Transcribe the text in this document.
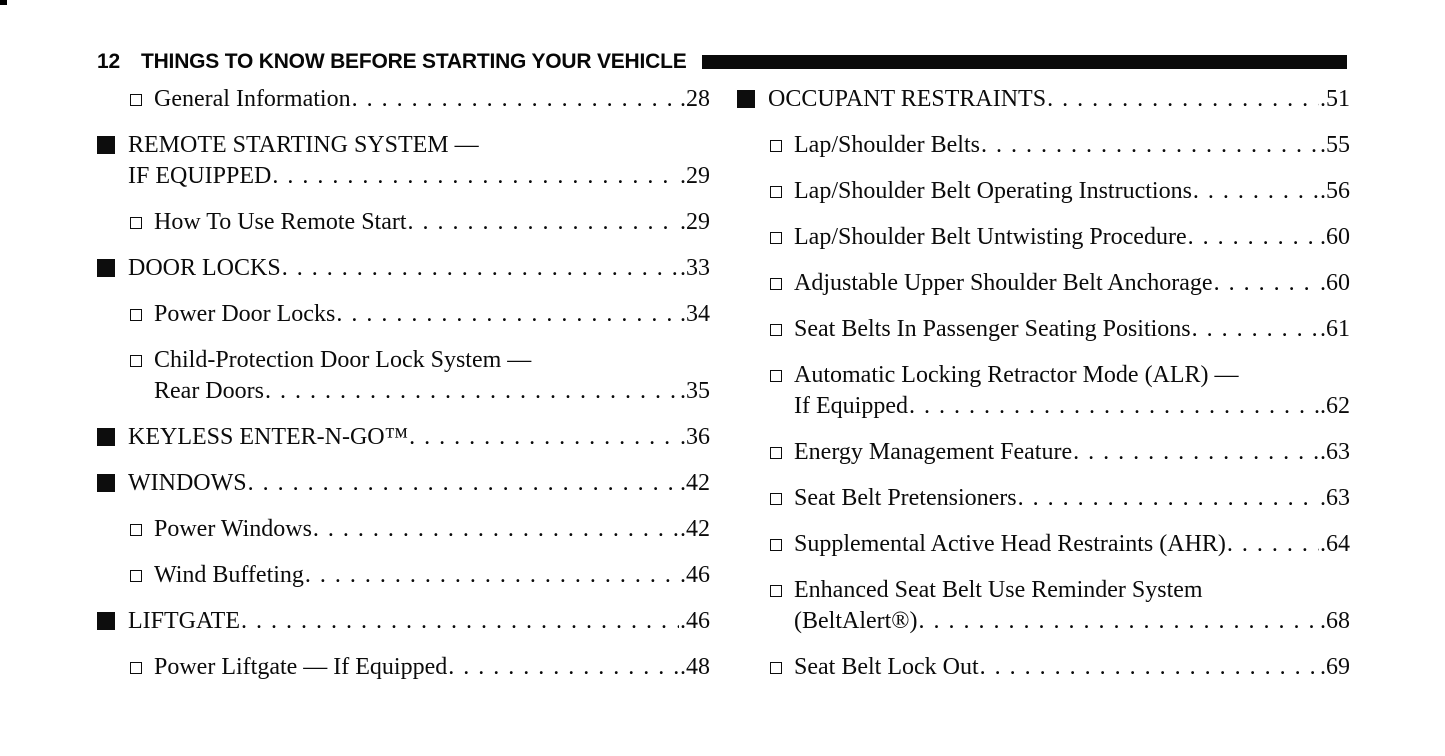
12 THINGS TO KNOW BEFORE STARTING YOUR VEHICLE
General Information . . .	.28
REMOTE STARTING SYSTEM —
IF EQUIPPED . . .	.29
How To Use Remote Start . . .	.29
DOOR LOCKS . . .	.33
Power Door Locks . . .	.34
Child-Protection Door Lock System —
Rear Doors . . .	.35
KEYLESS ENTER-N-GO™ . . .	.36
WINDOWS . . .	.42
Power Windows . . .	.42
Wind Buffeting . . .	.46
LIFTGATE . . .	.46
Power Liftgate — If Equipped . . .	.48
OCCUPANT RESTRAINTS . . .	.51
Lap/Shoulder Belts . . .	.55
Lap/Shoulder Belt Operating Instructions . . .	.56
Lap/Shoulder Belt Untwisting Procedure . . .	.60
Adjustable Upper Shoulder Belt Anchorage . . .	.60
Seat Belts In Passenger Seating Positions . . .	.61
Automatic Locking Retractor Mode (ALR) —
If Equipped . . .	.62
Energy Management Feature . . .	.63
Seat Belt Pretensioners . . .	.63
Supplemental Active Head Restraints (AHR) . . .	.64
Enhanced Seat Belt Use Reminder System
(BeltAlert®) . . .	.68
Seat Belt Lock Out . . .	.69
